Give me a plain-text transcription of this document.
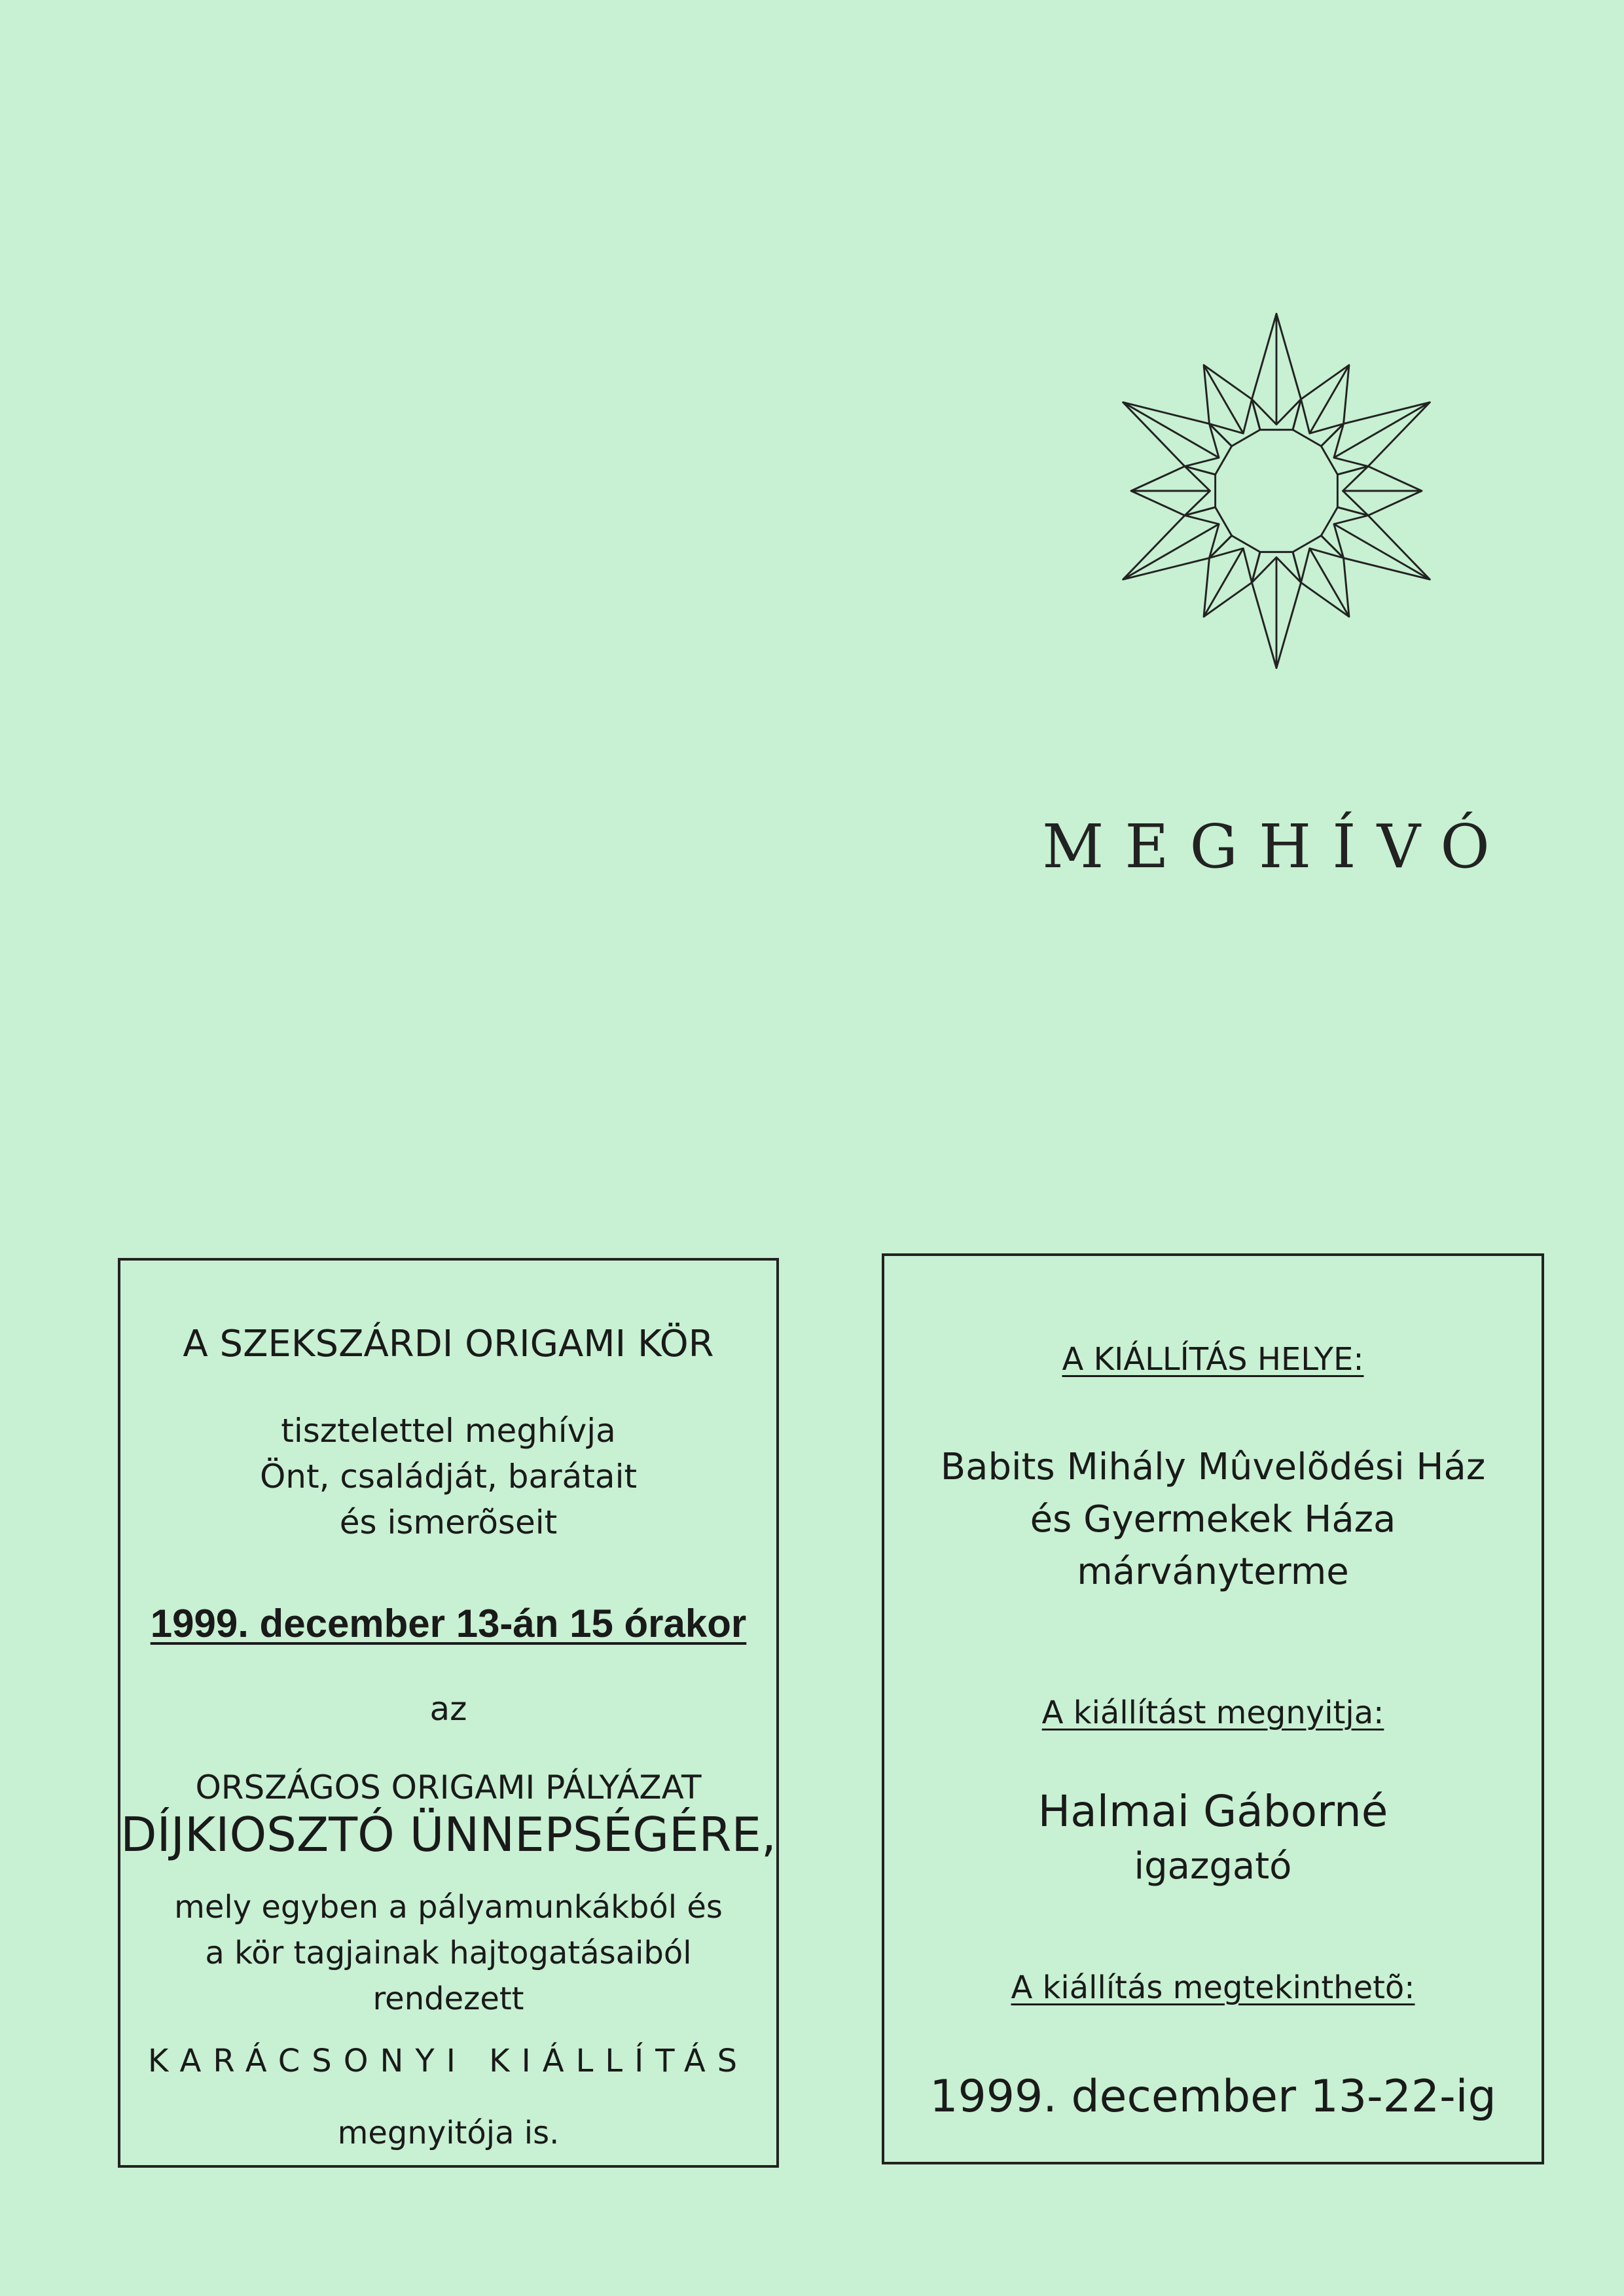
MEGHÍVÓ
A SZEKSZÁRDI ORIGAMI KÖR
tisztelettel meghívja
Önt, családját, barátait
és ismerõseit
1999. december 13-án 15 órakor
az
ORSZÁGOS ORIGAMI PÁLYÁZAT
DÍJKIOSZTÓ ÜNNEPSÉGÉRE,
mely egyben a pályamunkákból és
a kör tagjainak hajtogatásaiból
rendezett
KARÁCSONYI KIÁLLÍTÁS
megnyitója is.
A KIÁLLÍTÁS HELYE:
Babits Mihály Mûvelõdési Ház
és Gyermekek Háza
márványterme
A kiállítást megnyitja:
Halmai Gáborné
igazgató
A kiállítás megtekinthetõ:
1999. december 13-22-ig
